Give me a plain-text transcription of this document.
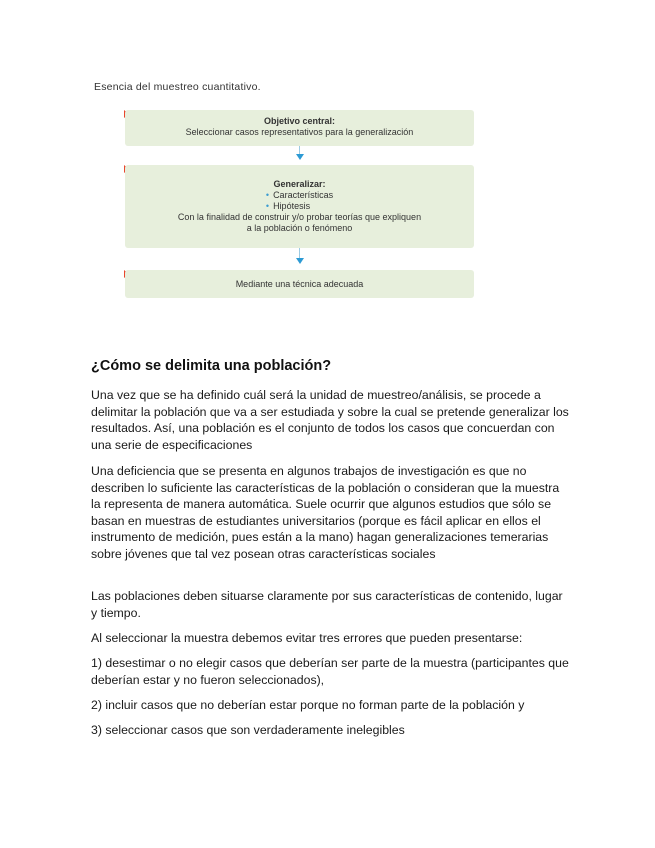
Esencia del muestreo cuantitativo.
Objetivo central:
Seleccionar casos representativos para la generalización
Generalizar:
• Características
• Hipótesis
Con la finalidad de construir y/o probar teorías que expliquen
a la población o fenómeno
Mediante una técnica adecuada
¿Cómo se delimita una población?

Una vez que se ha definido cuál será la unidad de muestreo/análisis, se procede a delimitar la población que va a ser estudiada y sobre la cual se pretende generalizar los resultados. Así, una población es el conjunto de todos los casos que concuerdan con una serie de especificaciones

Una deficiencia que se presenta en algunos trabajos de investigación es que no describen lo suficiente las características de la población o consideran que la muestra la representa de manera automática. Suele ocurrir que algunos estudios que sólo se basan en muestras de estudiantes universitarios (porque es fácil aplicar en ellos el instrumento de medición, pues están a la mano) hagan generalizaciones temerarias sobre jóvenes que tal vez posean otras características sociales

Las poblaciones deben situarse claramente por sus características de contenido, lugar y tiempo.

Al seleccionar la muestra debemos evitar tres errores que pueden presentarse:

1) desestimar o no elegir casos que deberían ser parte de la muestra (participantes que deberían estar y no fueron seleccionados),

2) incluir casos que no deberían estar porque no forman parte de la población y

3) seleccionar casos que son verdaderamente inelegibles
